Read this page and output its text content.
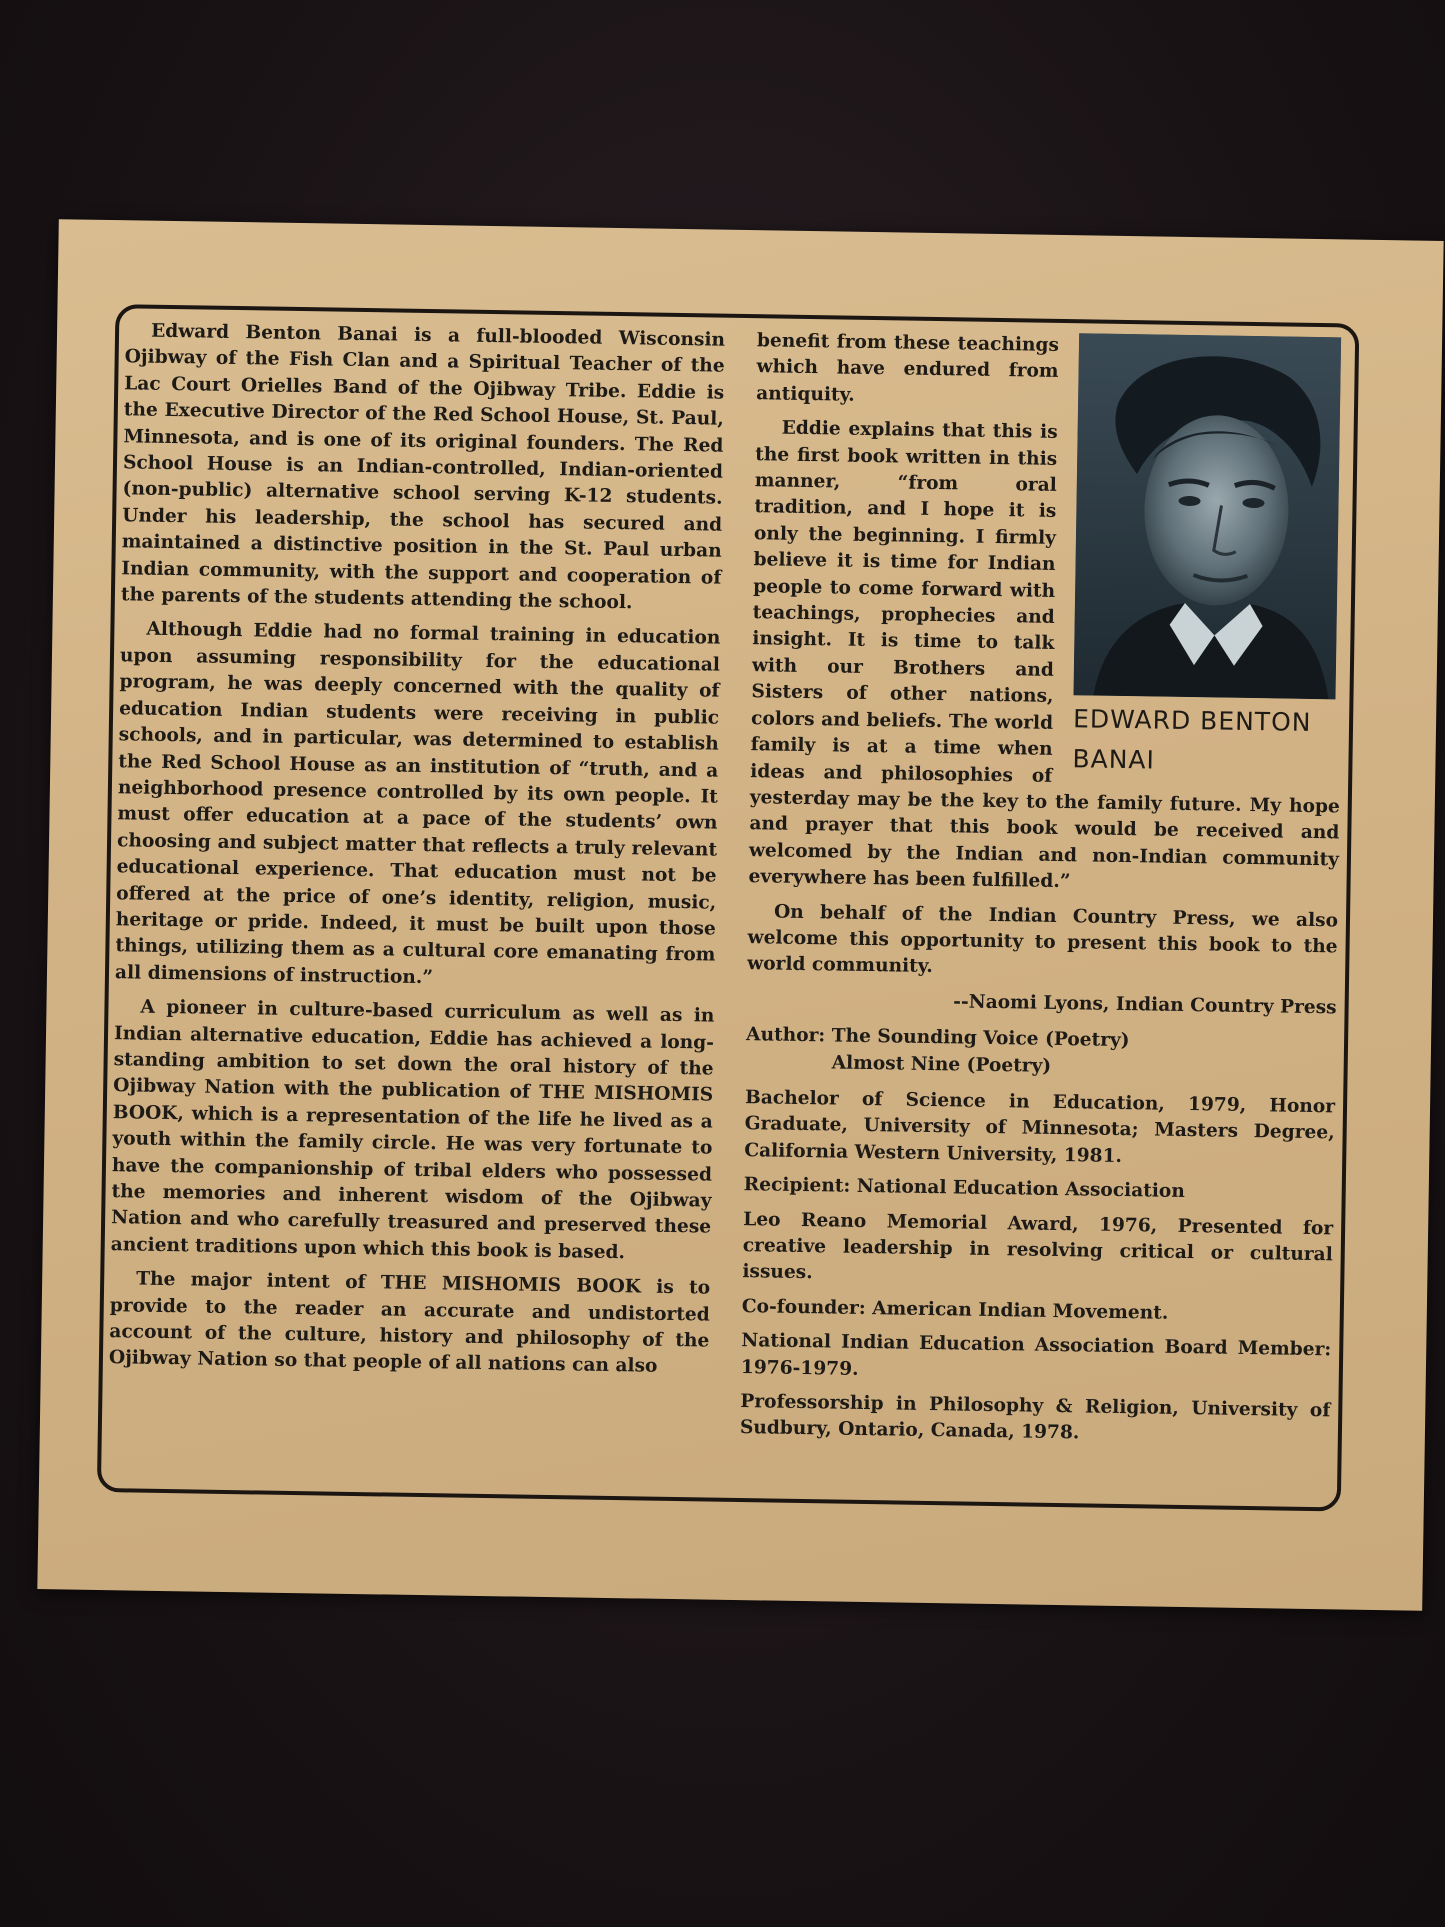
Edward Benton Banai is a full-blooded Wisconsin Ojibway of the Fish Clan and a Spiritual Teacher of the Lac Court Orielles Band of the Ojibway Tribe. Eddie is the Executive Director of the Red School House, St. Paul, Minnesota, and is one of its original founders. The Red School House is an Indian-controlled, Indian-oriented (non-public) alternative school serving K-12 students. Under his leadership, the school has secured and maintained a distinctive position in the St. Paul urban Indian community, with the support and cooperation of the parents of the students attending the school.

Although Eddie had no formal training in education upon assuming responsibility for the educational program, he was deeply concerned with the quality of education Indian students were receiving in public schools, and in particular, was determined to establish the Red School House as an institution of “truth, and a neighborhood presence controlled by its own people. It must offer education at a pace of the students’ own choosing and subject matter that reflects a truly relevant educational experience. That education must not be offered at the price of one’s identity, religion, music, heritage or pride. Indeed, it must be built upon those things, utilizing them as a cultural core emanating from all dimensions of instruction.”

A pioneer in culture-based curriculum as well as in Indian alternative education, Eddie has achieved a long-standing ambition to set down the oral history of the Ojibway Nation with the publication of THE MISHOMIS BOOK, which is a representation of the life he lived as a youth within the family circle. He was very fortunate to have the companionship of tribal elders who possessed the memories and inherent wisdom of the Ojibway Nation and who carefully treasured and preserved these ancient traditions upon which this book is based.

The major intent of THE MISHOMIS BOOK is to provide to the reader an accurate and undistorted account of the culture, history and philosophy of the Ojibway Nation so that people of all nations can also

EDWARD BENTON BANAI

benefit from these teachings which have endured from antiquity.

Eddie explains that this is the first book written in this manner, “from oral tradition, and I hope it is only the beginning. I firmly believe it is time for Indian people to come forward with teachings, prophecies and insight. It is time to talk with our Brothers and Sisters of other nations, colors and beliefs. The world family is at a time when ideas and philosophies of yesterday may be the key to the family future. My hope and prayer that this book would be received and welcomed by the Indian and non-Indian community everywhere has been fulfilled.”

On behalf of the Indian Country Press, we also welcome this opportunity to present this book to the world community.

--Naomi Lyons, Indian Country Press
Author: The Sounding Voice (Poetry)
Almost Nine (Poetry)

Bachelor of Science in Education, 1979, Honor Graduate, University of Minnesota; Masters Degree, California Western University, 1981.

Recipient: National Education Association

Leo Reano Memorial Award, 1976, Presented for creative leadership in resolving critical or cultural issues.

Co-founder: American Indian Movement.

National Indian Education Association Board Member: 1976-1979.

Professorship in Philosophy & Religion, University of Sudbury, Ontario, Canada, 1978.
